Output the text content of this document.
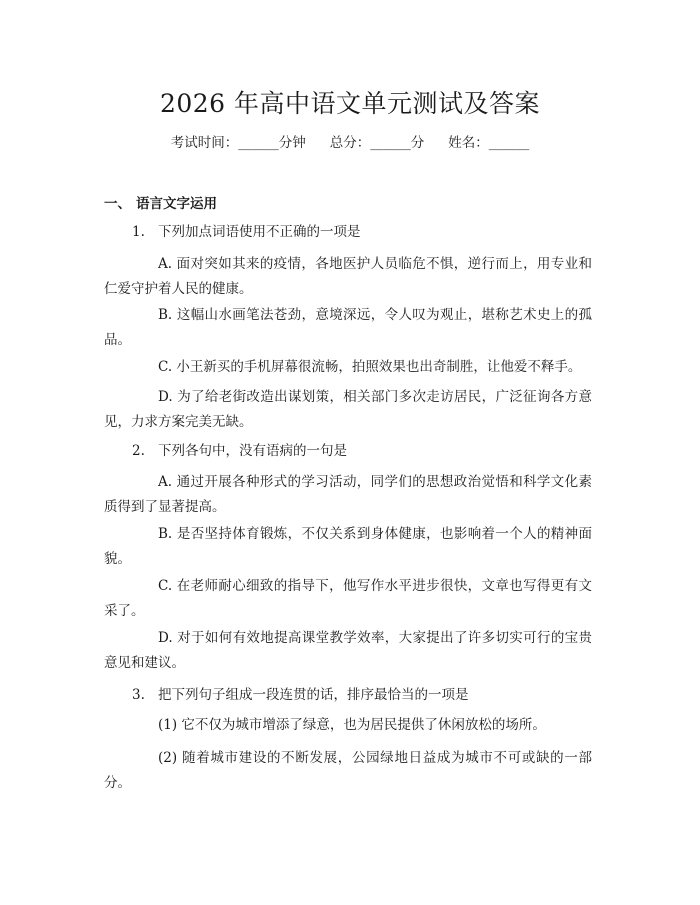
2026 年高中语文单元测试及答案
考试时间：______分钟 总分：______分 姓名：______
一、 语言文字运用
1. 下列加点词语使用不正确的一项是
A. 面对突如其来的疫情，各地医护人员临危不惧，逆行而上，用专业和仁爱守护着人民的健康。
B. 这幅山水画笔法苍劲，意境深远，令人叹为观止，堪称艺术史上的孤品。
C. 小王新买的手机屏幕很流畅，拍照效果也出奇制胜，让他爱不释手。
D. 为了给老街改造出谋划策，相关部门多次走访居民，广泛征询各方意见，力求方案完美无缺。
2. 下列各句中，没有语病的一句是
A. 通过开展各种形式的学习活动，同学们的思想政治觉悟和科学文化素质得到了显著提高。
B. 是否坚持体育锻炼，不仅关系到身体健康，也影响着一个人的精神面貌。
C. 在老师耐心细致的指导下，他写作水平进步很快，文章也写得更有文采了。
D. 对于如何有效地提高课堂教学效率，大家提出了许多切实可行的宝贵意见和建议。
3. 把下列句子组成一段连贯的话，排序最恰当的一项是
(1) 它不仅为城市增添了绿意，也为居民提供了休闲放松的场所。
(2) 随着城市建设的不断发展，公园绿地日益成为城市不可或缺的一部分。
